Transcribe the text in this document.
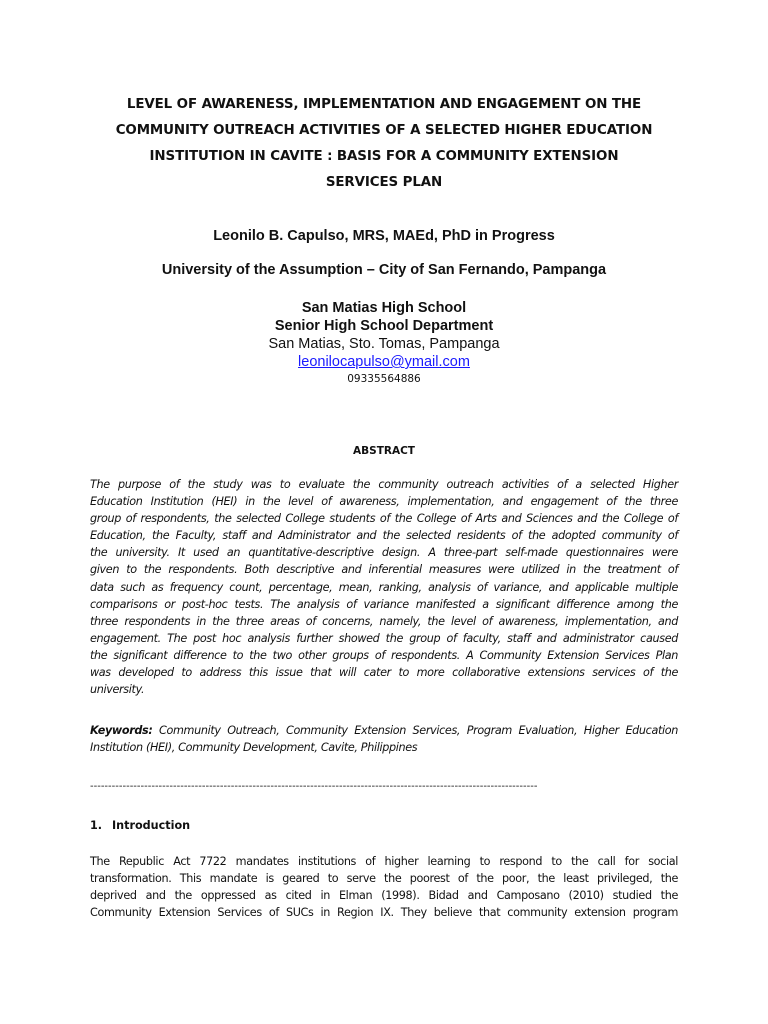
LEVEL OF AWARENESS, IMPLEMENTATION AND ENGAGEMENT ON THE
COMMUNITY OUTREACH ACTIVITIES OF A SELECTED HIGHER EDUCATION
INSTITUTION IN CAVITE : BASIS FOR A COMMUNITY EXTENSION
SERVICES PLAN
Leonilo B. Capulso, MRS, MAEd, PhD in Progress
University of the Assumption – City of San Fernando, Pampanga
San Matias High School
Senior High School Department
San Matias, Sto. Tomas, Pampanga
leonilocapulso@ymail.com
09335564886
ABSTRACT
The purpose of the study was to evaluate the community outreach activities of a selected Higher
Education Institution (HEI) in the level of awareness, implementation, and engagement of the three
group of respondents, the selected College students of the College of Arts and Sciences and the College of
Education, the Faculty, staff and Administrator and the selected residents of the adopted community of
the university. It used an quantitative-descriptive design. A three-part self-made questionnaires were
given to the respondents. Both descriptive and inferential measures were utilized in the treatment of
data such as frequency count, percentage, mean, ranking, analysis of variance, and applicable multiple
comparisons or post-hoc tests. The analysis of variance manifested a significant difference among the
three respondents in the three areas of concerns, namely, the level of awareness, implementation, and
engagement. The post hoc analysis further showed the group of faculty, staff and administrator caused
the significant difference to the two other groups of respondents. A Community Extension Services Plan
was developed to address this issue that will cater to more collaborative extensions services of the
university.
Keywords: Community Outreach, Community Extension Services, Program Evaluation, Higher Education
Institution (HEI), Community Development, Cavite, Philippines
----------------------------------------------------------------------------------------------------------------------------
1. Introduction
The Republic Act 7722 mandates institutions of higher learning to respond to the call for social
transformation. This mandate is geared to serve the poorest of the poor, the least privileged, the
deprived and the oppressed as cited in Elman (1998). Bidad and Camposano (2010) studied the
Community Extension Services of SUCs in Region IX. They believe that community extension program
